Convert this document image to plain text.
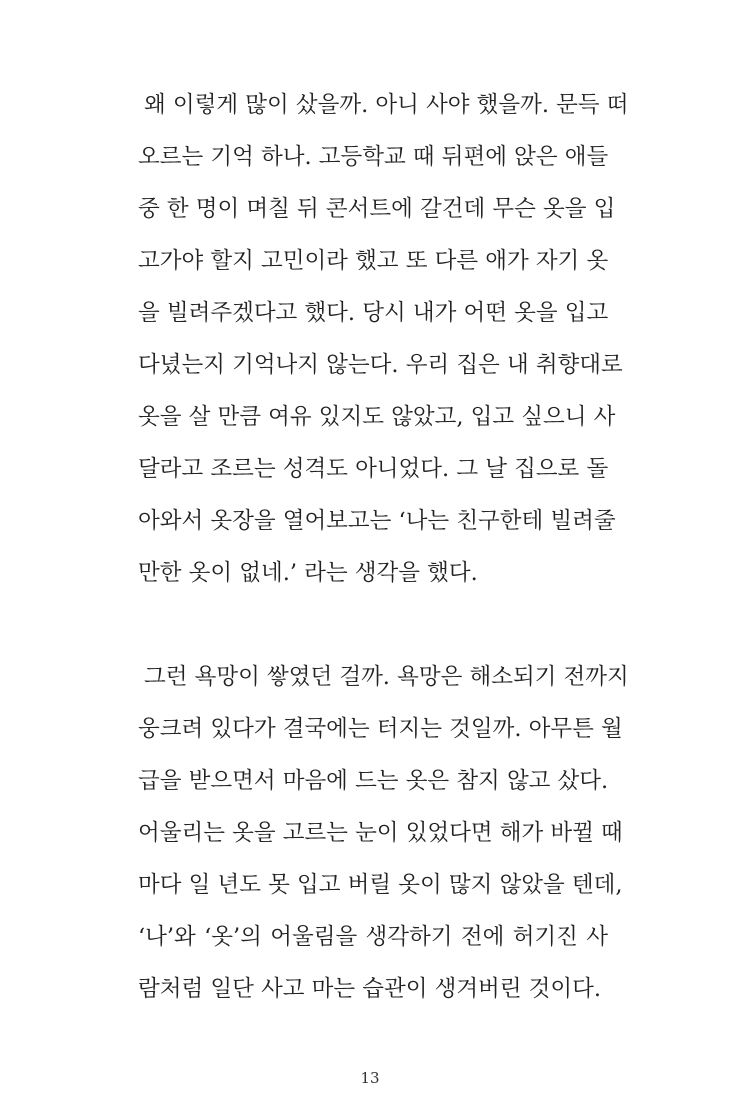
왜 이렇게 많이 샀을까. 아니 사야 했을까. 문득 떠
오르는 기억 하나. 고등학교 때 뒤편에 앉은 애들
중 한 명이 며칠 뒤 콘서트에 갈건데 무슨 옷을 입
고가야 할지 고민이라 했고 또 다른 애가 자기 옷
을 빌려주겠다고 했다. 당시 내가 어떤 옷을 입고
다녔는지 기억나지 않는다. 우리 집은 내 취향대로
옷을 살 만큼 여유 있지도 않았고, 입고 싶으니 사
달라고 조르는 성격도 아니었다. 그 날 집으로 돌
아와서 옷장을 열어보고는 ‘나는 친구한테 빌려줄
만한 옷이 없네.’ 라는 생각을 했다.
그런 욕망이 쌓였던 걸까. 욕망은 해소되기 전까지
웅크려 있다가 결국에는 터지는 것일까. 아무튼 월
급을 받으면서 마음에 드는 옷은 참지 않고 샀다.
어울리는 옷을 고르는 눈이 있었다면 해가 바뀔 때
마다 일 년도 못 입고 버릴 옷이 많지 않았을 텐데,
‘나’와 ‘옷’의 어울림을 생각하기 전에 허기진 사
람처럼 일단 사고 마는 습관이 생겨버린 것이다.
13
